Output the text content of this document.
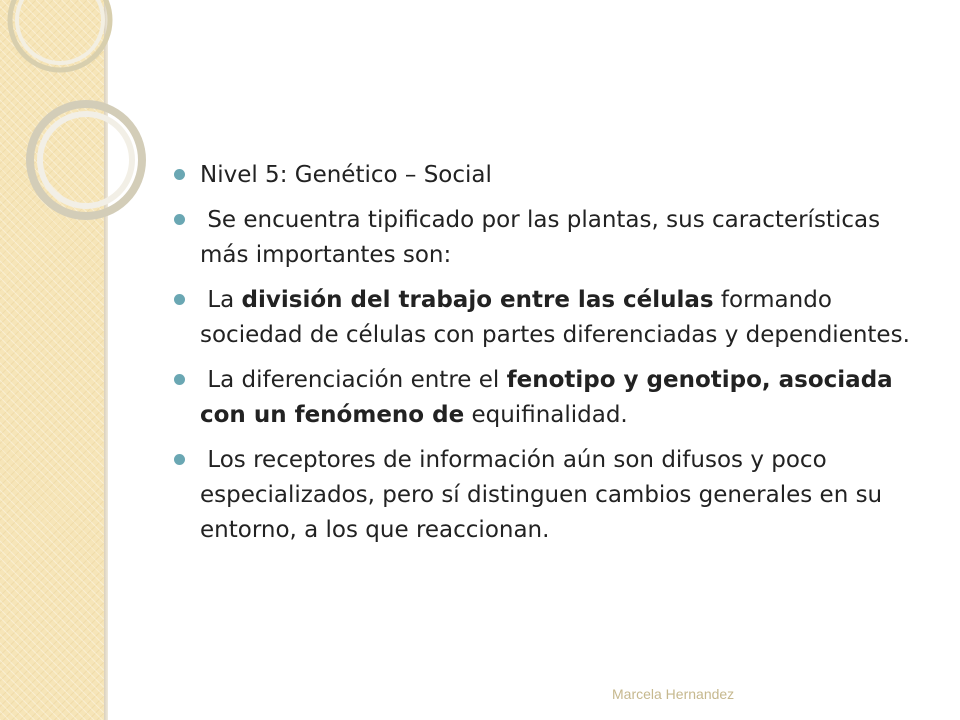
Nivel 5: Genético – Social
Se encuentra tipificado por las plantas, sus características más importantes son:
La división del trabajo entre las células formando sociedad de células con partes diferenciadas y dependientes.
La diferenciación entre el fenotipo y genotipo, asociada con un fenómeno de equifinalidad.
Los receptores de información aún son difusos y poco especializados, pero sí distinguen cambios generales en su entorno, a los que reaccionan.
Marcela Hernandez
